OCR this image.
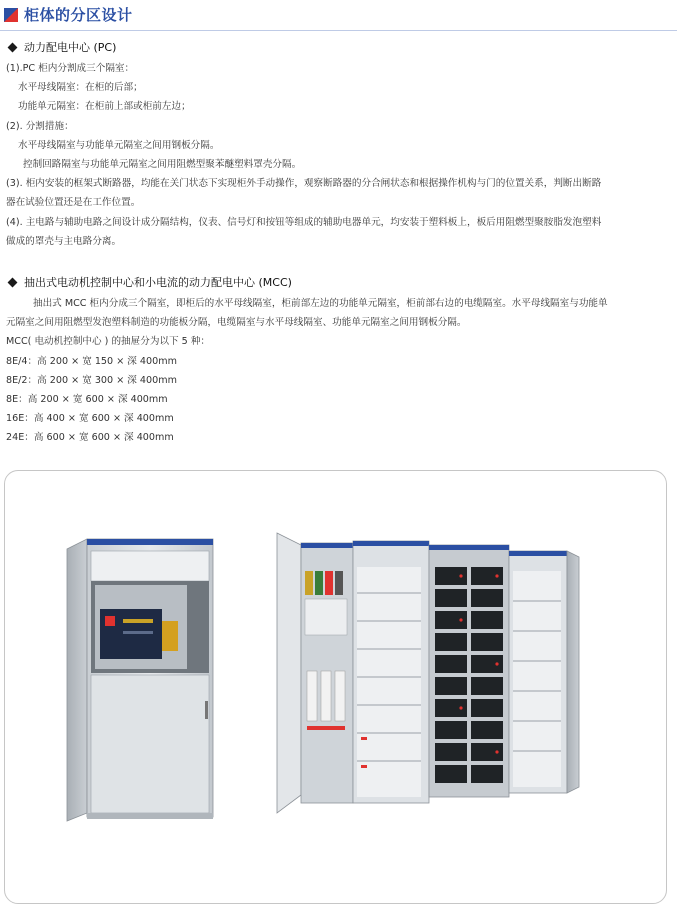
柜体的分区设计
动力配电中心 (PC)
(1).PC 柜内分割成三个隔室：
水平母线隔室：在柜的后部；
功能单元隔室：在柜前上部或柜前左边；
(2). 分割措施：
水平母线隔室与功能单元隔室之间用钢板分隔。
控制回路隔室与功能单元隔室之间用阻燃型聚苯醚塑料罩壳分隔。
(3). 柜内安装的框架式断路器，均能在关门状态下实现柜外手动操作，观察断路器的分合闸状态和根据操作机构与门的位置关系，判断出断路
器在试验位置还是在工作位置。
(4). 主电路与辅助电路之间设计成分隔结构，仪表、信号灯和按钮等组成的辅助电器单元，均安装于塑料板上，板后用阻燃型聚胺脂发泡塑料
做成的罩壳与主电路分离。
抽出式电动机控制中心和小电流的动力配电中心 (MCC)
抽出式 MCC 柜内分成三个隔室，即柜后的水平母线隔室，柜前部左边的功能单元隔室，柜前部右边的电缆隔室。水平母线隔室与功能单
元隔室之间用阻燃型发泡塑料制造的功能板分隔，电缆隔室与水平母线隔室、功能单元隔室之间用钢板分隔。
MCC( 电动机控制中心 ) 的抽屉分为以下 5 种：
8E/4：高 200 × 宽 150 × 深 400mm
8E/2：高 200 × 宽 300 × 深 400mm
8E：高 200 × 宽 600 × 深 400mm
16E：高 400 × 宽 600 × 深 400mm
24E：高 600 × 宽 600 × 深 400mm
